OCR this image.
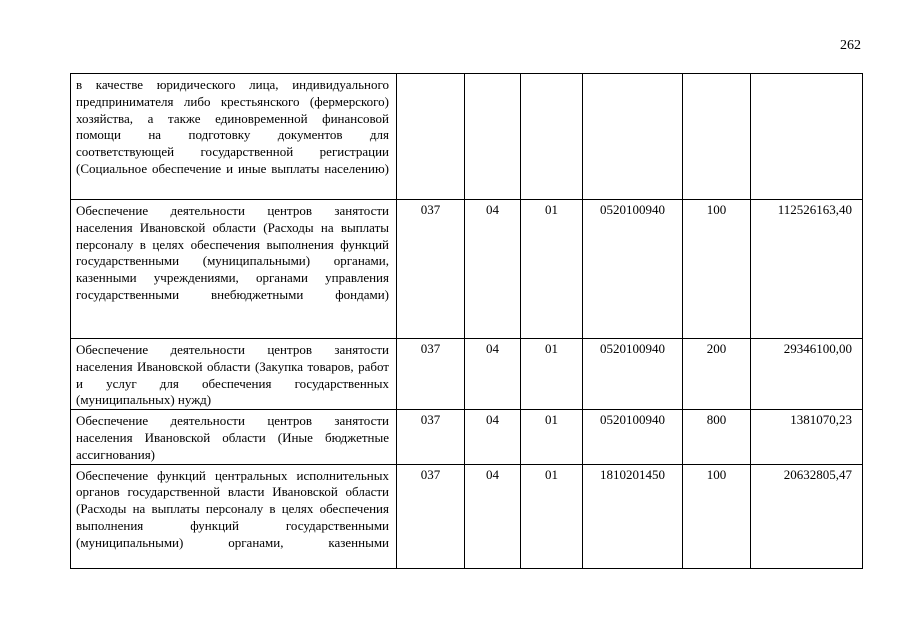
262
в качестве юридического лица, индивидуального предпринимателя либо крестьянского (фермерского) хозяйства, а также единовременной финансовой помощи на подготовку документов для соответствующей государственной регистрации (Социальное обеспечение и иные выплаты населению)						
Обеспечение деятельности центров занятости населения Ивановской области (Расходы на выплаты персоналу в целях обеспечения выполнения функций государственными (муниципальными) органами, казенными учреждениями, органами управления государственными внебюджетными фондами)	037	04	01	0520100940	100	112526163,40
Обеспечение деятельности центров занятости населения Ивановской области (Закупка товаров, работ и услуг для обеспечения государственных (муниципальных) нужд)	037	04	01	0520100940	200	29346100,00
Обеспечение деятельности центров занятости населения Ивановской области (Иные бюджетные ассигнования)	037	04	01	0520100940	800	1381070,23
Обеспечение функций центральных исполнительных органов государственной власти Ивановской области (Расходы на выплаты персоналу в целях обеспечения выполнения функций государственными (муниципальными) органами, казенными	037	04	01	1810201450	100	20632805,47
